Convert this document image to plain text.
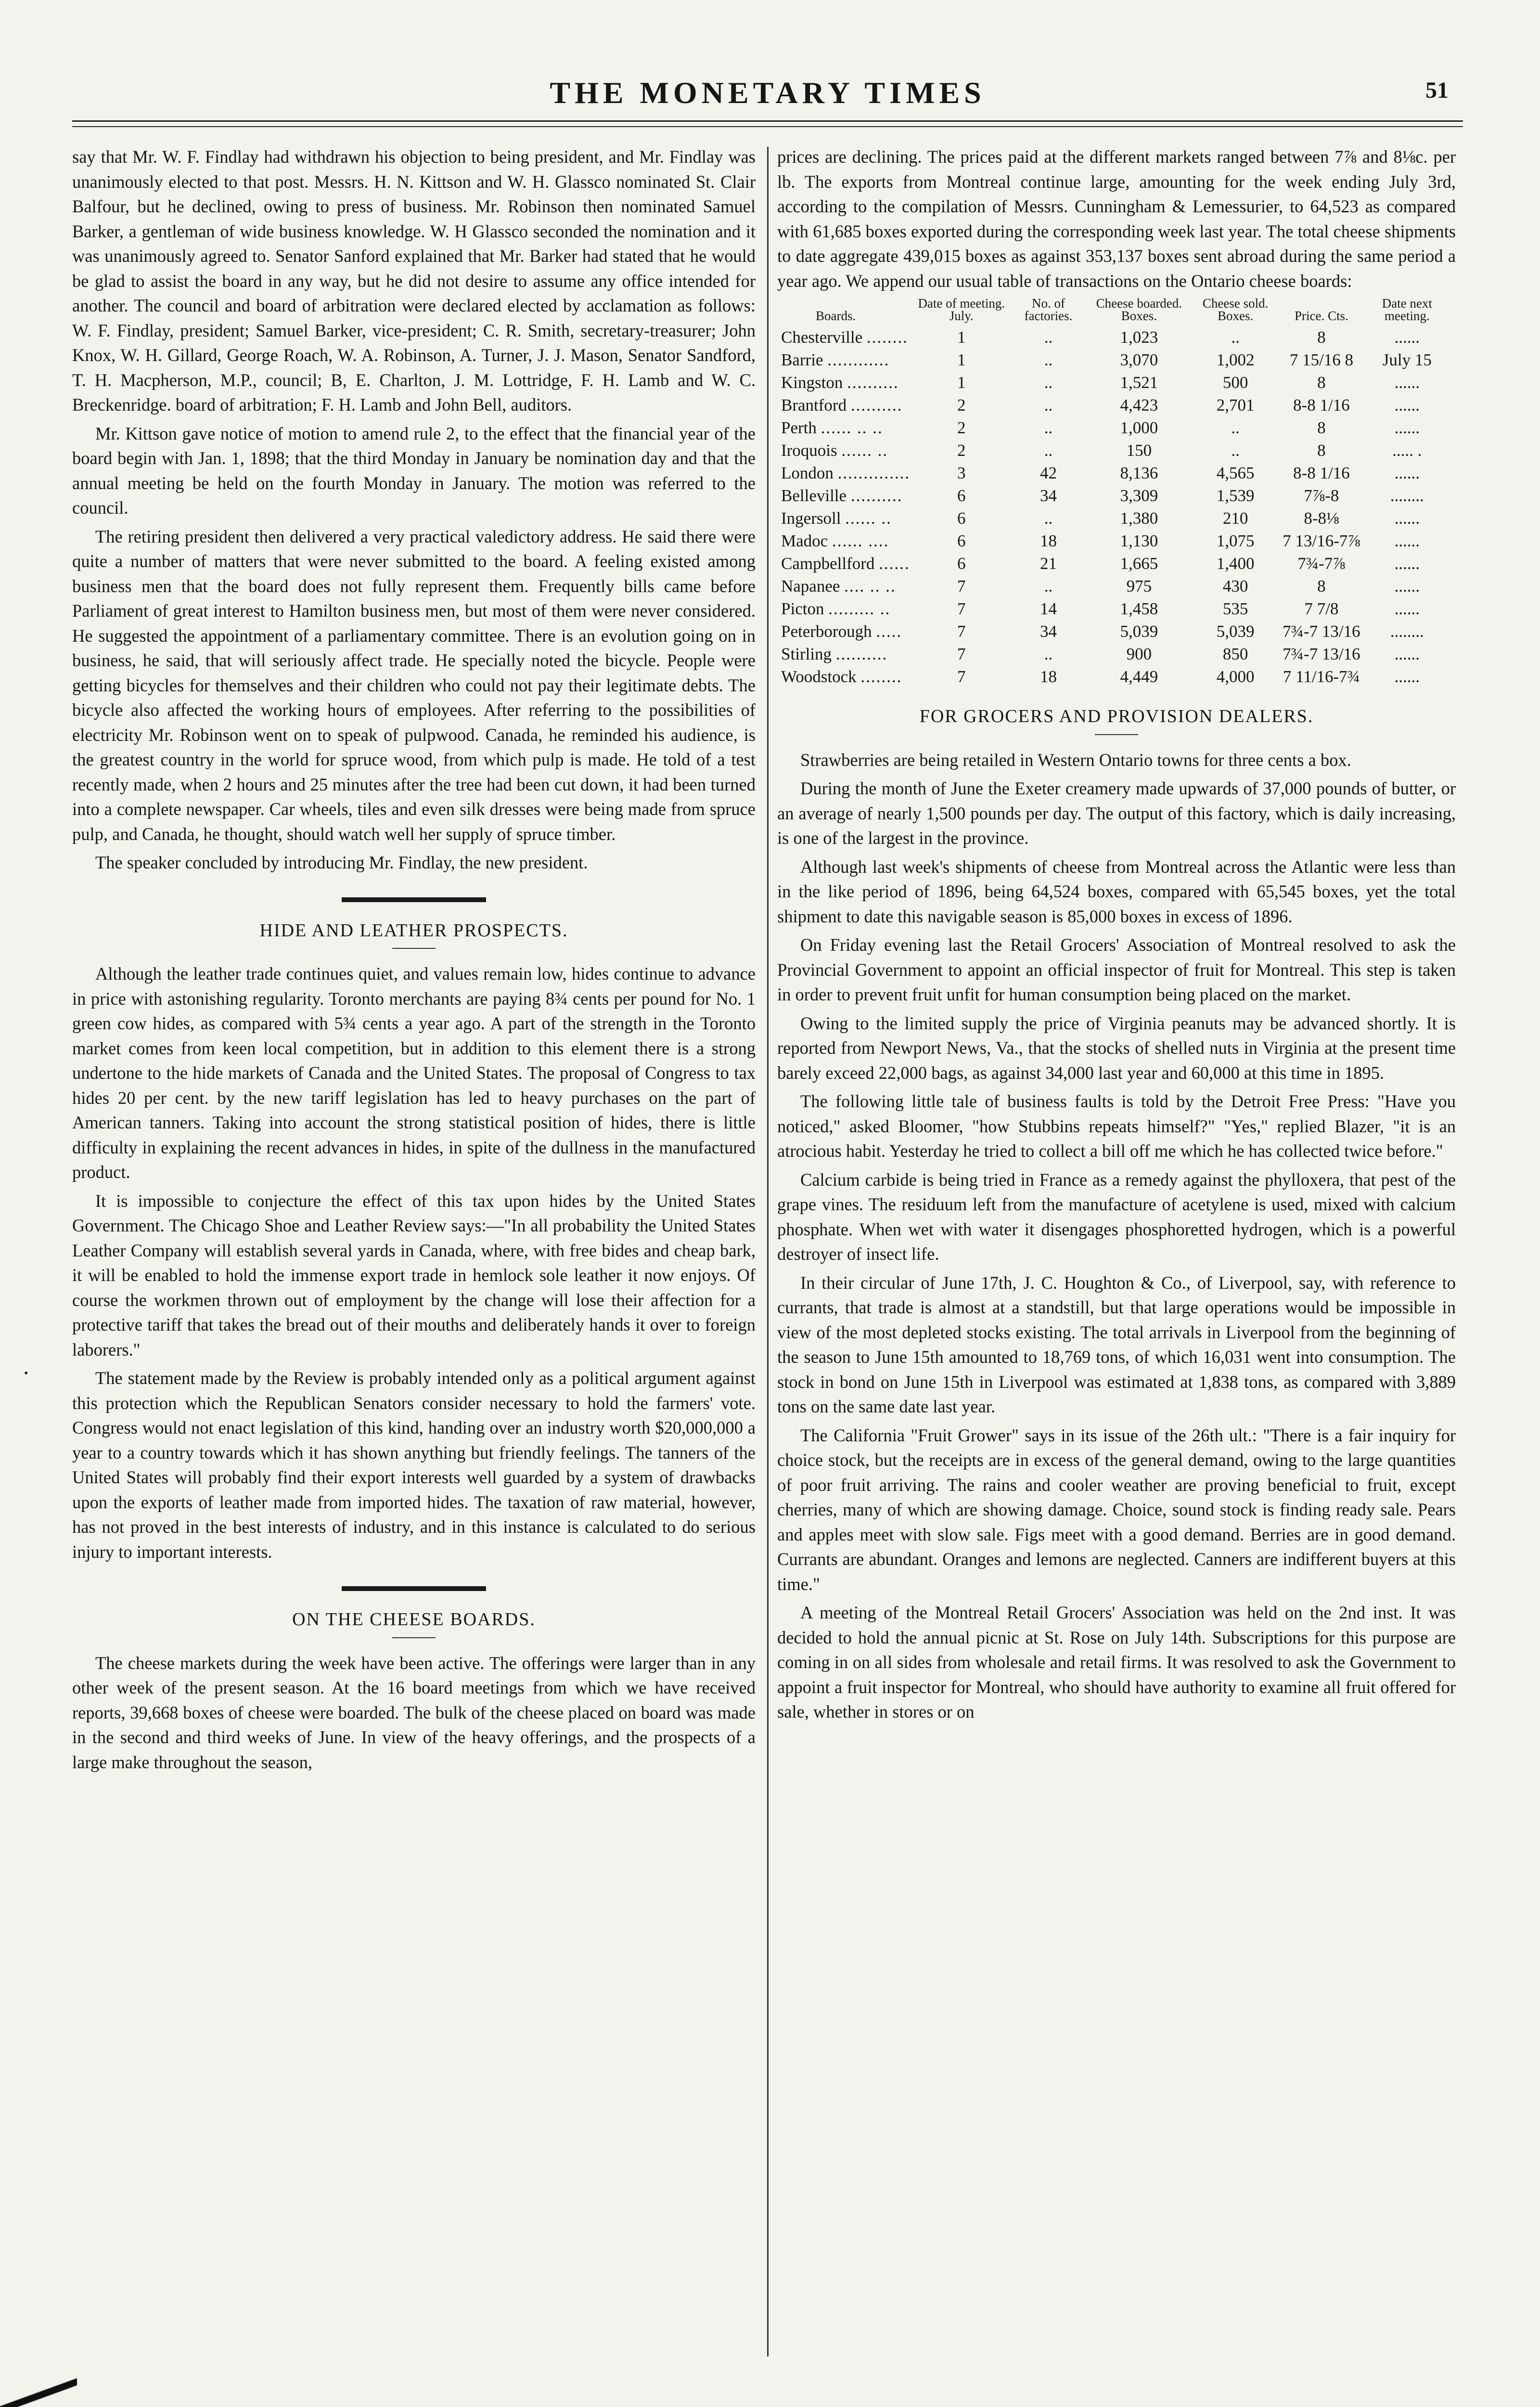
THE MONETARY TIMES	51

say that Mr. W. F. Findlay had withdrawn his objection to being president, and Mr. Findlay was unanimously elected to that post. Messrs. H. N. Kittson and W. H. Glassco nominated St. Clair Balfour, but he declined, owing to press of business. Mr. Robinson then nominated Samuel Barker, a gentleman of wide business knowledge. W. H Glassco seconded the nomination and it was unanimously agreed to. Senator Sanford explained that Mr. Barker had stated that he would be glad to assist the board in any way, but he did not desire to assume any office intended for another. The council and board of arbitration were declared elected by acclamation as follows: W. F. Findlay, president; Samuel Barker, vice-president; C. R. Smith, secretary-treasurer; John Knox, W. H. Gillard, George Roach, W. A. Robinson, A. Turner, J. J. Mason, Senator Sandford, T. H. Macpherson, M.P., council; B, E. Charlton, J. M. Lottridge, F. H. Lamb and W. C. Breckenridge. board of arbitration; F. H. Lamb and John Bell, auditors.

Mr. Kittson gave notice of motion to amend rule 2, to the effect that the financial year of the board begin with Jan. 1, 1898; that the third Monday in January be nomination day and that the annual meeting be held on the fourth Monday in January. The motion was referred to the council.

The retiring president then delivered a very practical valedictory address. He said there were quite a number of matters that were never submitted to the board. A feeling existed among business men that the board does not fully represent them. Frequently bills came before Parliament of great interest to Hamilton business men, but most of them were never considered. He suggested the appointment of a parliamentary committee. There is an evolution going on in business, he said, that will seriously affect trade. He specially noted the bicycle. People were getting bicycles for themselves and their children who could not pay their legitimate debts. The bicycle also affected the working hours of employees. After referring to the possibilities of electricity Mr. Robinson went on to speak of pulpwood. Canada, he reminded his audience, is the greatest country in the world for spruce wood, from which pulp is made. He told of a test recently made, when 2 hours and 25 minutes after the tree had been cut down, it had been turned into a complete newspaper. Car wheels, tiles and even silk dresses were being made from spruce pulp, and Canada, he thought, should watch well her supply of spruce timber.

The speaker concluded by introducing Mr. Findlay, the new president.

HIDE AND LEATHER PROSPECTS.

Although the leather trade continues quiet, and values remain low, hides continue to advance in price with astonishing regularity. Toronto merchants are paying 8¾ cents per pound for No. 1 green cow hides, as compared with 5¾ cents a year ago. A part of the strength in the Toronto market comes from keen local competition, but in addition to this element there is a strong undertone to the hide markets of Canada and the United States. The proposal of Congress to tax hides 20 per cent. by the new tariff legislation has led to heavy purchases on the part of American tanners. Taking into account the strong statistical position of hides, there is little difficulty in explaining the recent advances in hides, in spite of the dullness in the manufactured product.

It is impossible to conjecture the effect of this tax upon hides by the United States Government. The Chicago Shoe and Leather Review says:—"In all probability the United States Leather Company will establish several yards in Canada, where, with free bides and cheap bark, it will be enabled to hold the immense export trade in hemlock sole leather it now enjoys. Of course the workmen thrown out of employment by the change will lose their affection for a protective tariff that takes the bread out of their mouths and deliberately hands it over to foreign laborers."

The statement made by the Review is probably intended only as a political argument against this protection which the Republican Senators consider necessary to hold the farmers' vote. Congress would not enact legislation of this kind, handing over an industry worth $20,000,000 a year to a country towards which it has shown anything but friendly feelings. The tanners of the United States will probably find their export interests well guarded by a system of drawbacks upon the exports of leather made from imported hides. The taxation of raw material, however, has not proved in the best interests of industry, and in this instance is calculated to do serious injury to important interests.

ON THE CHEESE BOARDS.

The cheese markets during the week have been active. The offerings were larger than in any other week of the present season. At the 16 board meetings from which we have received reports, 39,668 boxes of cheese were boarded. The bulk of the cheese placed on board was made in the second and third weeks of June. In view of the heavy offerings, and the prospects of a large make throughout the season,

prices are declining. The prices paid at the different markets ranged between 7⅞ and 8⅛c. per lb. The exports from Montreal continue large, amounting for the week ending July 3rd, according to the compilation of Messrs. Cunningham & Lemessurier, to 64,523 as compared with 61,685 boxes exported during the corresponding week last year. The total cheese shipments to date aggregate 439,015 boxes as against 353,137 boxes sent abroad during the same period a year ago. We append our usual table of transactions on the Ontario cheese boards:

Boards.	Date of meeting. July.	No. of factories.	Cheese boarded. Boxes.	Cheese sold. Boxes.	Price. Cts.	Date next meeting.
Chesterville ........	1	..	1,023	..	8	......
Barrie ............	1	..	3,070	1,002	7 15/16 8	July 15
Kingston ..........	1	..	1,521	500	8	......
Brantford ..........	2	..	4,423	2,701	8-8 1/16	......
Perth ...... .. ..	2	..	1,000	..	8	......
Iroquois ...... ..	2	..	150	..	8	..... .
London ..............	3	42	8,136	4,565	8-8 1/16	......
Belleville ..........	6	34	3,309	1,539	7⅞-8	........
Ingersoll ...... ..	6	..	1,380	210	8-8⅛	......
Madoc ...... ....	6	18	1,130	1,075	7 13/16-7⅞	......
Campbellford ......	6	21	1,665	1,400	7¾-7⅞	......
Napanee .... .. ..	7	..	975	430	8	......
Picton ......... ..	7	14	1,458	535	7 7/8	......
Peterborough .....	7	34	5,039	5,039	7¾-7 13/16	........
Stirling ..........	7	..	900	850	7¾-7 13/16	......
Woodstock ........	7	18	4,449	4,000	7 11/16-7¾	......
FOR GROCERS AND PROVISION DEALERS.

Strawberries are being retailed in Western Ontario towns for three cents a box.

During the month of June the Exeter creamery made upwards of 37,000 pounds of butter, or an average of nearly 1,500 pounds per day. The output of this factory, which is daily increasing, is one of the largest in the province.

Although last week's shipments of cheese from Montreal across the Atlantic were less than in the like period of 1896, being 64,524 boxes, compared with 65,545 boxes, yet the total shipment to date this navigable season is 85,000 boxes in excess of 1896.

On Friday evening last the Retail Grocers' Association of Montreal resolved to ask the Provincial Government to appoint an official inspector of fruit for Montreal. This step is taken in order to prevent fruit unfit for human consumption being placed on the market.

Owing to the limited supply the price of Virginia peanuts may be advanced shortly. It is reported from Newport News, Va., that the stocks of shelled nuts in Virginia at the present time barely exceed 22,000 bags, as against 34,000 last year and 60,000 at this time in 1895.

The following little tale of business faults is told by the Detroit Free Press: "Have you noticed," asked Bloomer, "how Stubbins repeats himself?" "Yes," replied Blazer, "it is an atrocious habit. Yesterday he tried to collect a bill off me which he has collected twice before."

Calcium carbide is being tried in France as a remedy against the phylloxera, that pest of the grape vines. The residuum left from the manufacture of acetylene is used, mixed with calcium phosphate. When wet with water it disengages phosphoretted hydrogen, which is a powerful destroyer of insect life.

In their circular of June 17th, J. C. Houghton & Co., of Liverpool, say, with reference to currants, that trade is almost at a standstill, but that large operations would be impossible in view of the most depleted stocks existing. The total arrivals in Liverpool from the beginning of the season to June 15th amounted to 18,769 tons, of which 16,031 went into consumption. The stock in bond on June 15th in Liverpool was estimated at 1,838 tons, as compared with 3,889 tons on the same date last year.

The California "Fruit Grower" says in its issue of the 26th ult.: "There is a fair inquiry for choice stock, but the receipts are in excess of the general demand, owing to the large quantities of poor fruit arriving. The rains and cooler weather are proving beneficial to fruit, except cherries, many of which are showing damage. Choice, sound stock is finding ready sale. Pears and apples meet with slow sale. Figs meet with a good demand. Berries are in good demand. Currants are abundant. Oranges and lemons are neglected. Canners are indifferent buyers at this time."

A meeting of the Montreal Retail Grocers' Association was held on the 2nd inst. It was decided to hold the annual picnic at St. Rose on July 14th. Subscriptions for this purpose are coming in on all sides from wholesale and retail firms. It was resolved to ask the Government to appoint a fruit inspector for Montreal, who should have authority to examine all fruit offered for sale, whether in stores or on

•
